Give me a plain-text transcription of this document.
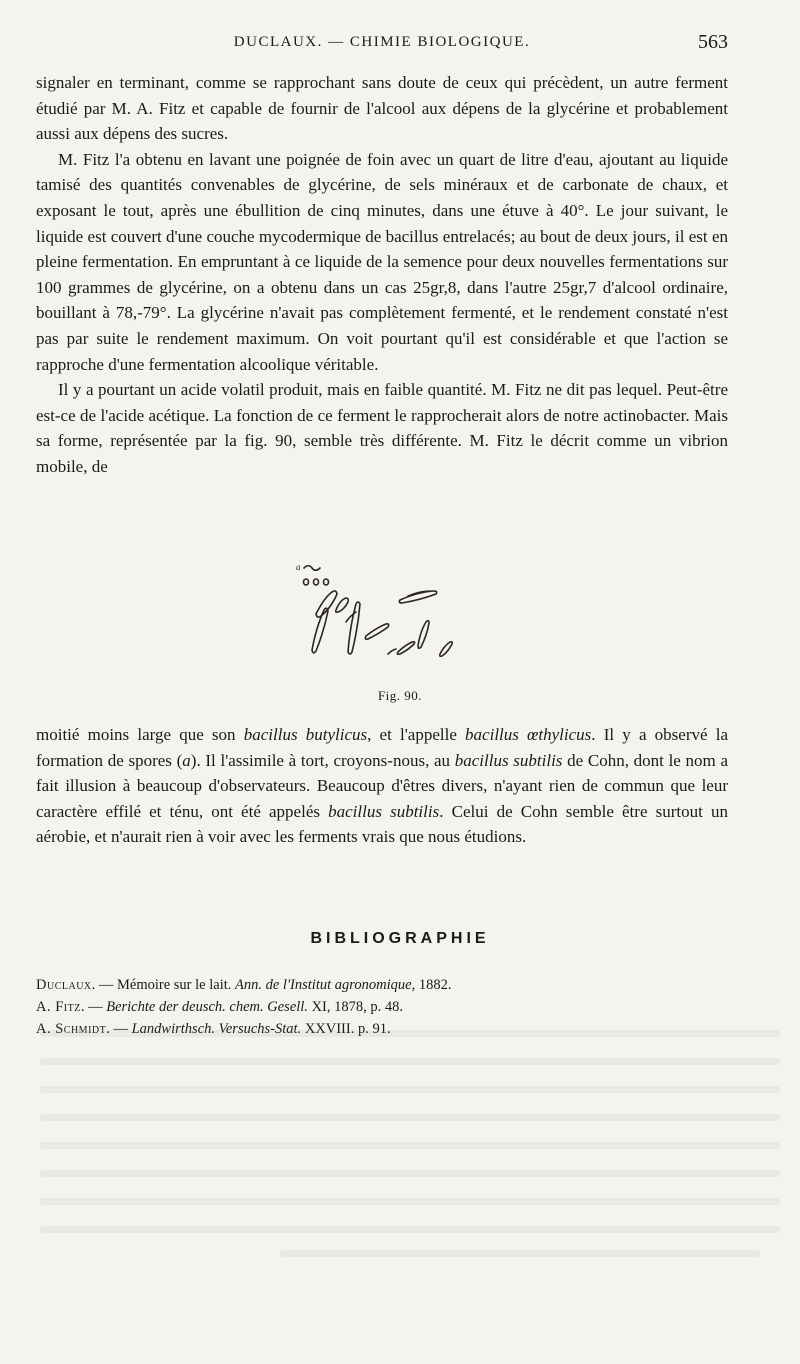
DUCLAUX. — CHIMIE BIOLOGIQUE.	563

signaler en terminant, comme se rapprochant sans doute de ceux qui précèdent, un autre ferment étudié par M. A. Fitz et capable de fournir de l'alcool aux dépens de la glycérine et probablement aussi aux dépens des sucres.

M. Fitz l'a obtenu en lavant une poignée de foin avec un quart de litre d'eau, ajoutant au liquide tamisé des quantités convenables de glycérine, de sels minéraux et de carbonate de chaux, et exposant le tout, après une ébullition de cinq minutes, dans une étuve à 40°. Le jour suivant, le liquide est couvert d'une couche mycodermique de bacillus entrelacés; au bout de deux jours, il est en pleine fermentation. En empruntant à ce liquide de la semence pour deux nouvelles fermentations sur 100 grammes de glycérine, on a obtenu dans un cas 25gr,8, dans l'autre 25gr,7 d'alcool ordinaire, bouillant à 78,-79°. La glycérine n'avait pas complètement fermenté, et le rendement constaté n'est pas par suite le rendement maximum. On voit pourtant qu'il est considérable et que l'action se rapproche d'une fermentation alcoolique véritable.

Il y a pourtant un acide volatil produit, mais en faible quantité. M. Fitz ne dit pas lequel. Peut-être est-ce de l'acide acétique. La fonction de ce ferment le rapprocherait alors de notre actinobacter. Mais sa forme, représentée par la fig. 90, semble très différente. M. Fitz le décrit comme un vibrion mobile, de

a
Fig. 90.

moitié moins large que son bacillus butylicus, et l'appelle bacillus œthylicus. Il y a observé la formation de spores (a). Il l'assimile à tort, croyons-nous, au bacillus subtilis de Cohn, dont le nom a fait illusion à beaucoup d'observateurs. Beaucoup d'êtres divers, n'ayant rien de commun que leur caractère effilé et ténu, ont été appelés bacillus subtilis. Celui de Cohn semble être surtout un aérobie, et n'aurait rien à voir avec les ferments vrais que nous étudions.

BIBLIOGRAPHIE
Duclaux. — Mémoire sur le lait. Ann. de l'Institut agronomique, 1882.
A. Fitz. — Berichte der deusch. chem. Gesell. XI, 1878, p. 48.
A. Schmidt. — Landwirthsch. Versuchs-Stat. XXVIII. p. 91.
